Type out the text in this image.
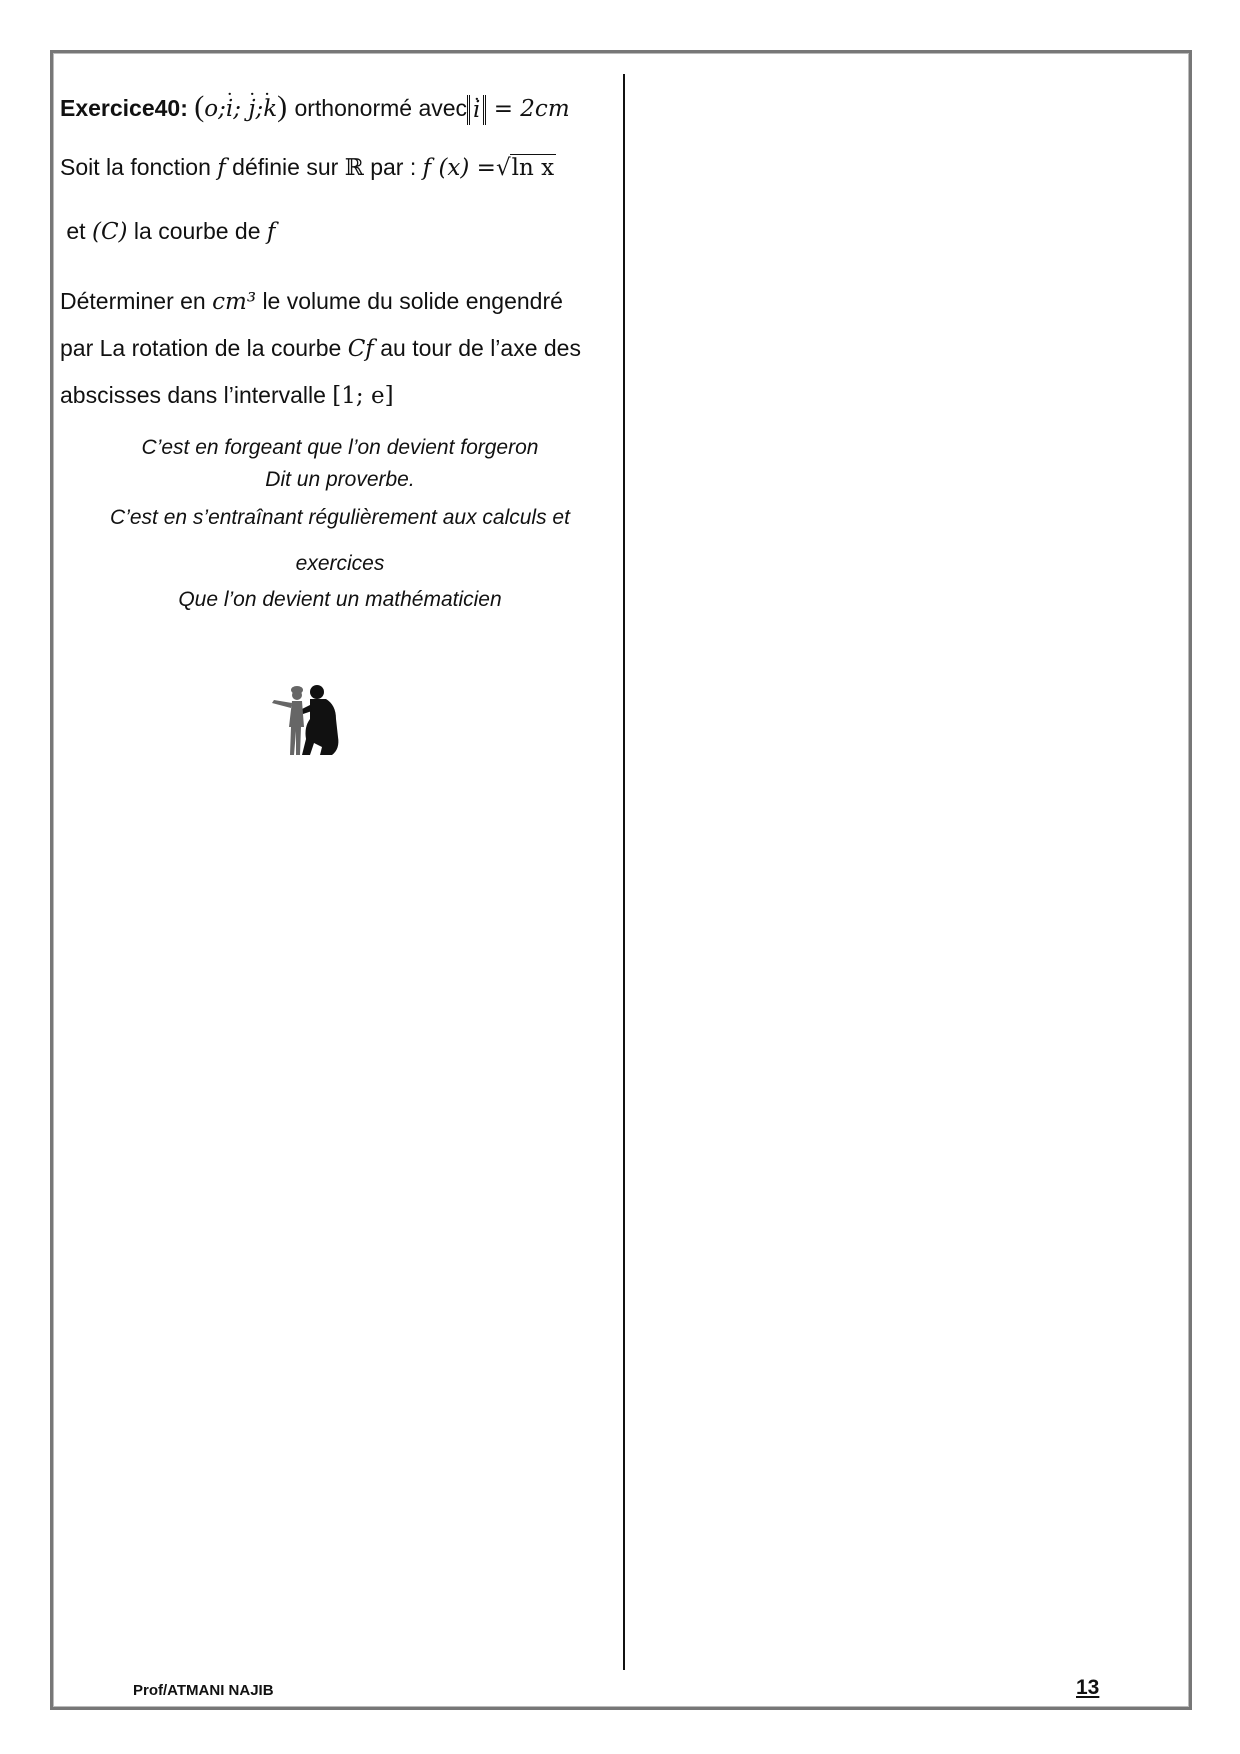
Exercice40: (o;· i; · j;· k) orthonormé avec· i = 2cm
Soit la fonction f définie sur ℝ par : f (x) =√ln x
et (C) la courbe de f
Déterminer en cm³ le volume du solide engendré
par La rotation de la courbe Cf au tour de l’axe des
abscisses dans l’intervalle [1; e]
C’est en forgeant que l’on devient forgeron
Dit un proverbe.
C’est en s’entraînant régulièrement aux calculs et
exercices
Que l’on devient un mathématicien
Prof/ATMANI NAJIB	13
